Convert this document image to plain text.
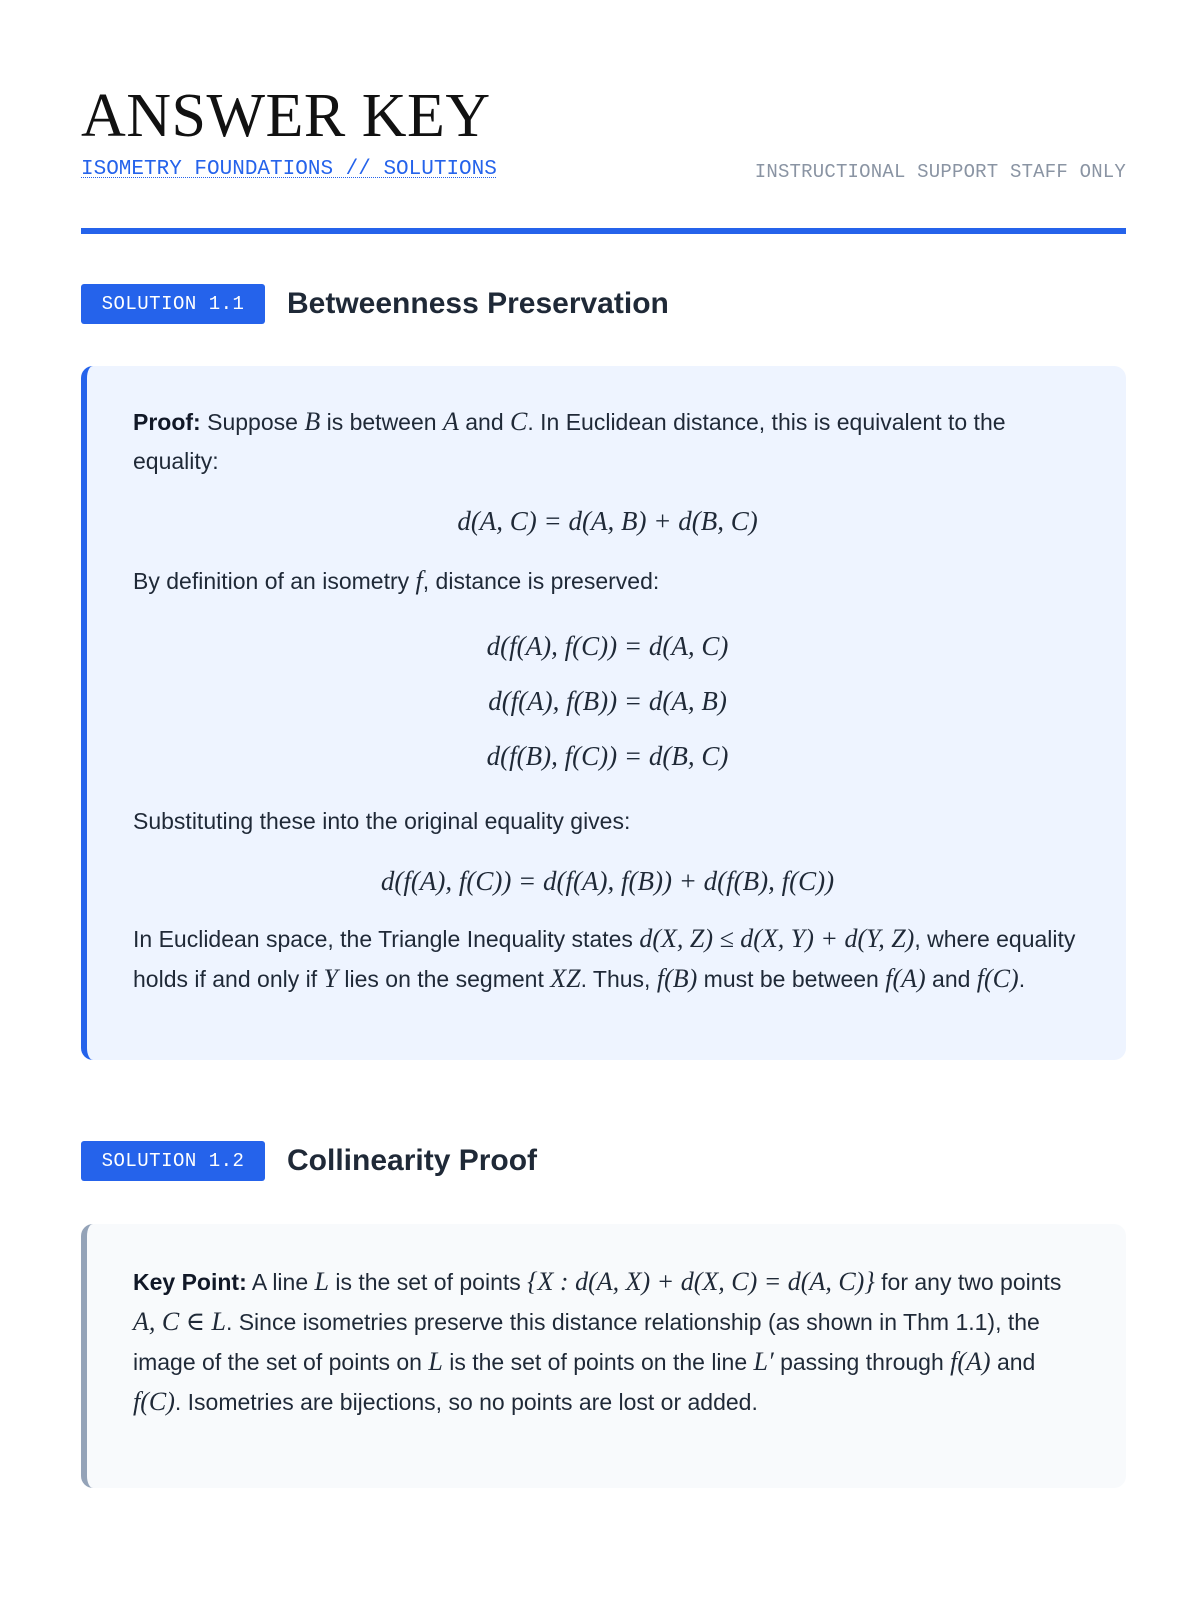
ANSWER KEY
ISOMETRY FOUNDATIONS // SOLUTIONS	INSTRUCTIONAL SUPPORT STAFF ONLY
SOLUTION 1.1	Betweenness Preservation

Proof: Suppose B is between A and C. In Euclidean distance, this is equivalent to the equality:

d(A, C) = d(A, B) + d(B, C)

By definition of an isometry f, distance is preserved:

d(f(A), f(C)) = d(A, C)

d(f(A), f(B)) = d(A, B)

d(f(B), f(C)) = d(B, C)

Substituting these into the original equality gives:

d(f(A), f(C)) = d(f(A), f(B)) + d(f(B), f(C))

In Euclidean space, the Triangle Inequality states d(X, Z) ≤ d(X, Y) + d(Y, Z), where equality holds if and only if Y lies on the segment XZ. Thus, f(B) must be between f(A) and f(C).

SOLUTION 1.2	Collinearity Proof

Key Point: A line L is the set of points {X : d(A, X) + d(X, C) = d(A, C)} for any two points A, C ∈ L. Since isometries preserve this distance relationship (as shown in Thm 1.1), the image of the set of points on L is the set of points on the line L′ passing through f(A) and f(C). Isometries are bijections, so no points are lost or added.
